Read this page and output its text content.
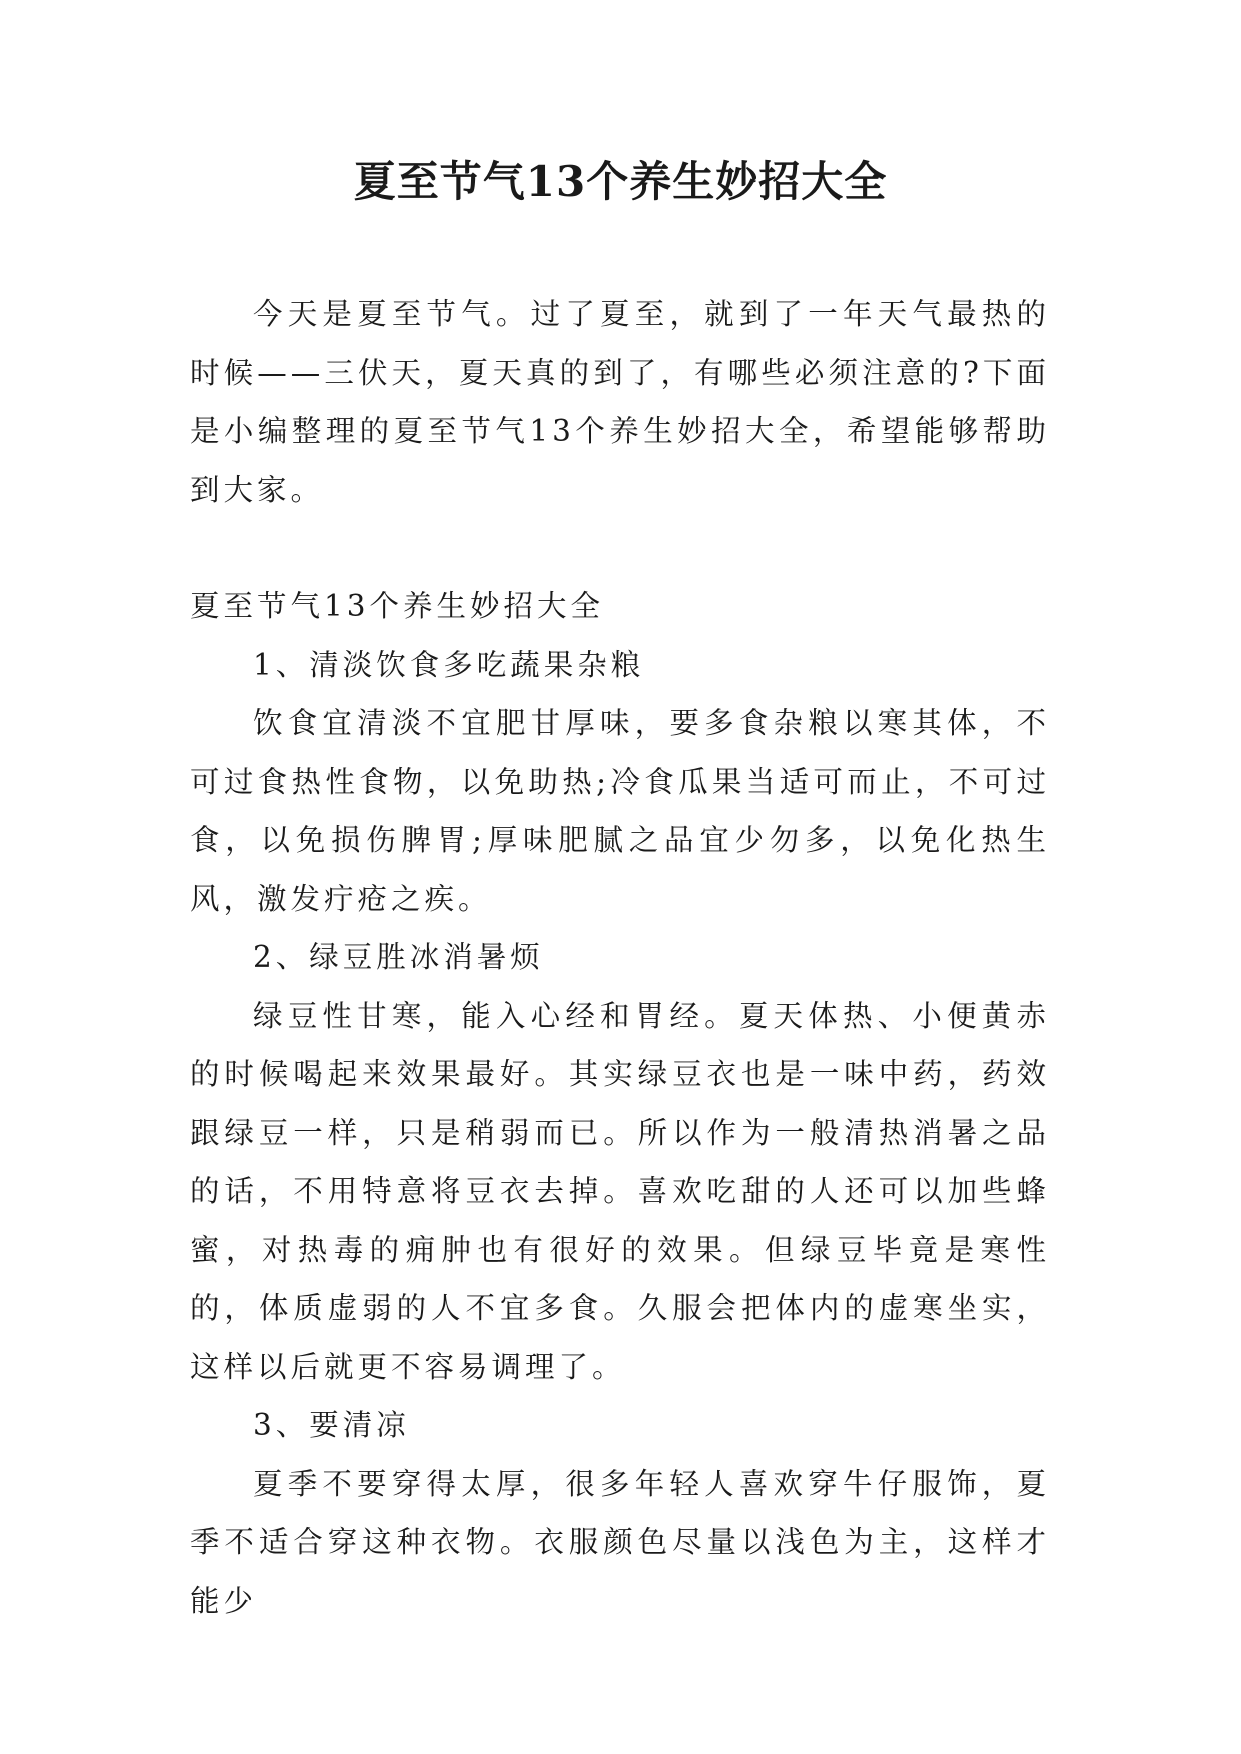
夏至节气13个养生妙招大全

今天是夏至节气。过了夏至，就到了一年天气最热的时候——三伏天，夏天真的到了，有哪些必须注意的?下面是小编整理的夏至节气13个养生妙招大全，希望能够帮助到大家。

夏至节气13个养生妙招大全

1、清淡饮食多吃蔬果杂粮

饮食宜清淡不宜肥甘厚味，要多食杂粮以寒其体，不可过食热性食物，以免助热;冷食瓜果当适可而止，不可过食，以免损伤脾胃;厚味肥腻之品宜少勿多，以免化热生风，激发疔疮之疾。

2、绿豆胜冰消暑烦

绿豆性甘寒，能入心经和胃经。夏天体热、小便黄赤的时候喝起来效果最好。其实绿豆衣也是一味中药，药效跟绿豆一样，只是稍弱而已。所以作为一般清热消暑之品的话，不用特意将豆衣去掉。喜欢吃甜的人还可以加些蜂蜜，对热毒的痈肿也有很好的效果。但绿豆毕竟是寒性的，体质虚弱的人不宜多食。久服会把体内的虚寒坐实，这样以后就更不容易调理了。

3、要清凉

夏季不要穿得太厚，很多年轻人喜欢穿牛仔服饰，夏季不适合穿这种衣物。衣服颜色尽量以浅色为主，这样才能少
